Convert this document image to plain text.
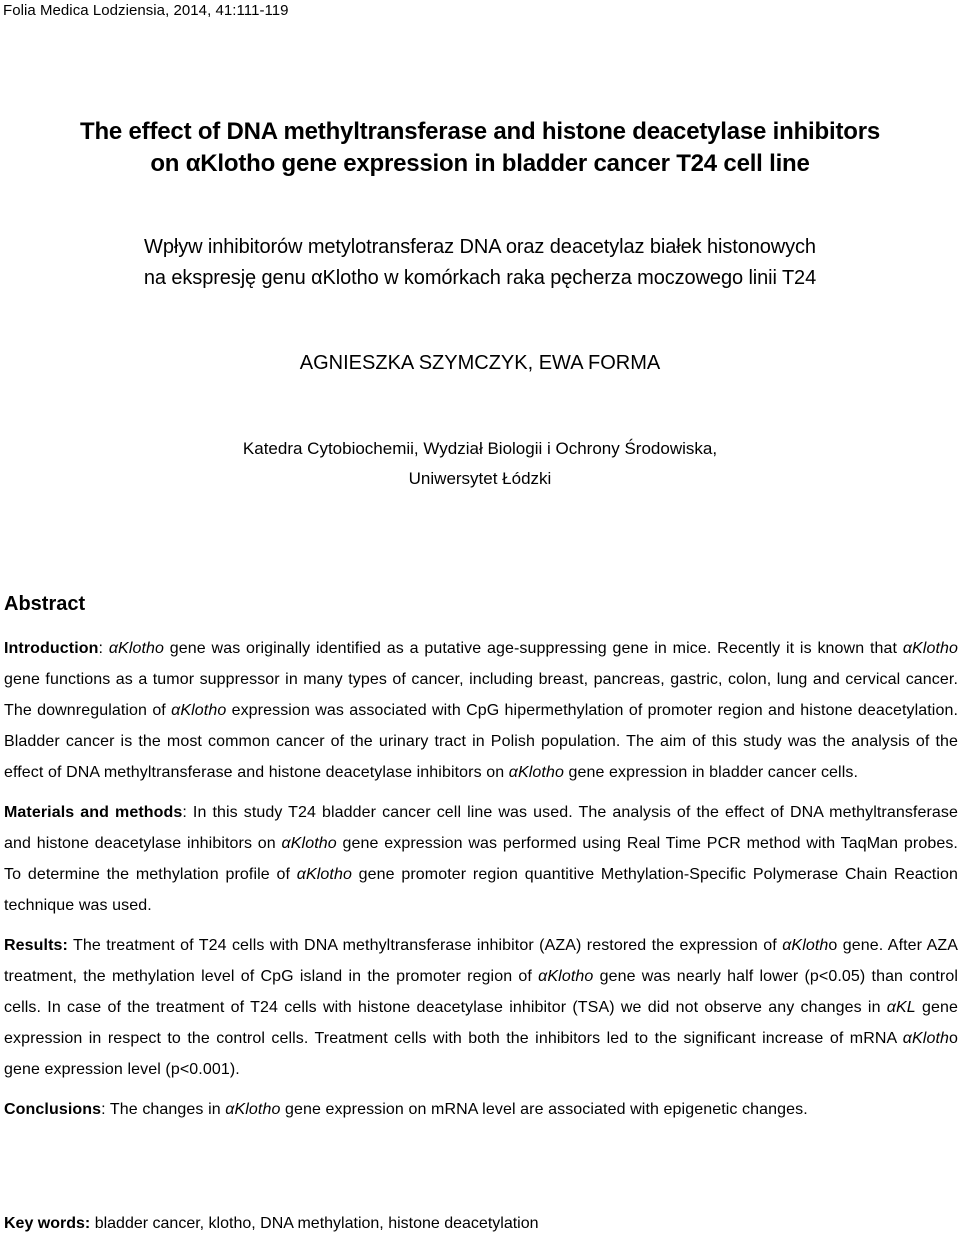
Folia Medica Lodziensia, 2014, 41:111-119
The effect of DNA methyltransferase and histone deacetylase inhibitors
on αKlotho gene expression in bladder cancer T24 cell line
Wpływ inhibitorów metylotransferaz DNA oraz deacetylaz białek histonowych
na ekspresję genu αKlotho w komórkach raka pęcherza moczowego linii T24
AGNIESZKA SZYMCZYK, EWA FORMA
Katedra Cytobiochemii, Wydział Biologii i Ochrony Środowiska,
Uniwersytet Łódzki
Abstract

Introduction: αKlotho gene was originally identified as a putative age-suppressing gene in mice. Recently it is known that αKlotho gene functions as a tumor suppressor in many types of cancer, including breast, pancreas, gastric, colon, lung and cervical cancer. The downregulation of αKlotho expression was associated with CpG hipermethylation of promoter region and histone deacetylation. Bladder cancer is the most common cancer of the urinary tract in Polish population. The aim of this study was the analysis of the effect of DNA methyltransferase and histone deacetylase inhibitors on αKlotho gene expression in bladder cancer cells.

Materials and methods: In this study T24 bladder cancer cell line was used. The analysis of the effect of DNA methyltransferase and histone deacetylase inhibitors on αKlotho gene expression was performed using Real Time PCR method with TaqMan probes. To determine the methylation profile of αKlotho gene promoter region quantitive Methylation-Specific Polymerase Chain Reaction technique was used.

Results: The treatment of T24 cells with DNA methyltransferase inhibitor (AZA) restored the expression of αKlotho gene. After AZA treatment, the methylation level of CpG island in the promoter region of αKlotho gene was nearly half lower (p<0.05) than control cells. In case of the treatment of T24 cells with histone deacetylase inhibitor (TSA) we did not observe any changes in αKL gene expression in respect to the control cells. Treatment cells with both the inhibitors led to the significant increase of mRNA αKlotho gene expression level (p<0.001).

Conclusions: The changes in αKlotho gene expression on mRNA level are associated with epigenetic changes.

Key words: bladder cancer, klotho, DNA methylation, histone deacetylation
